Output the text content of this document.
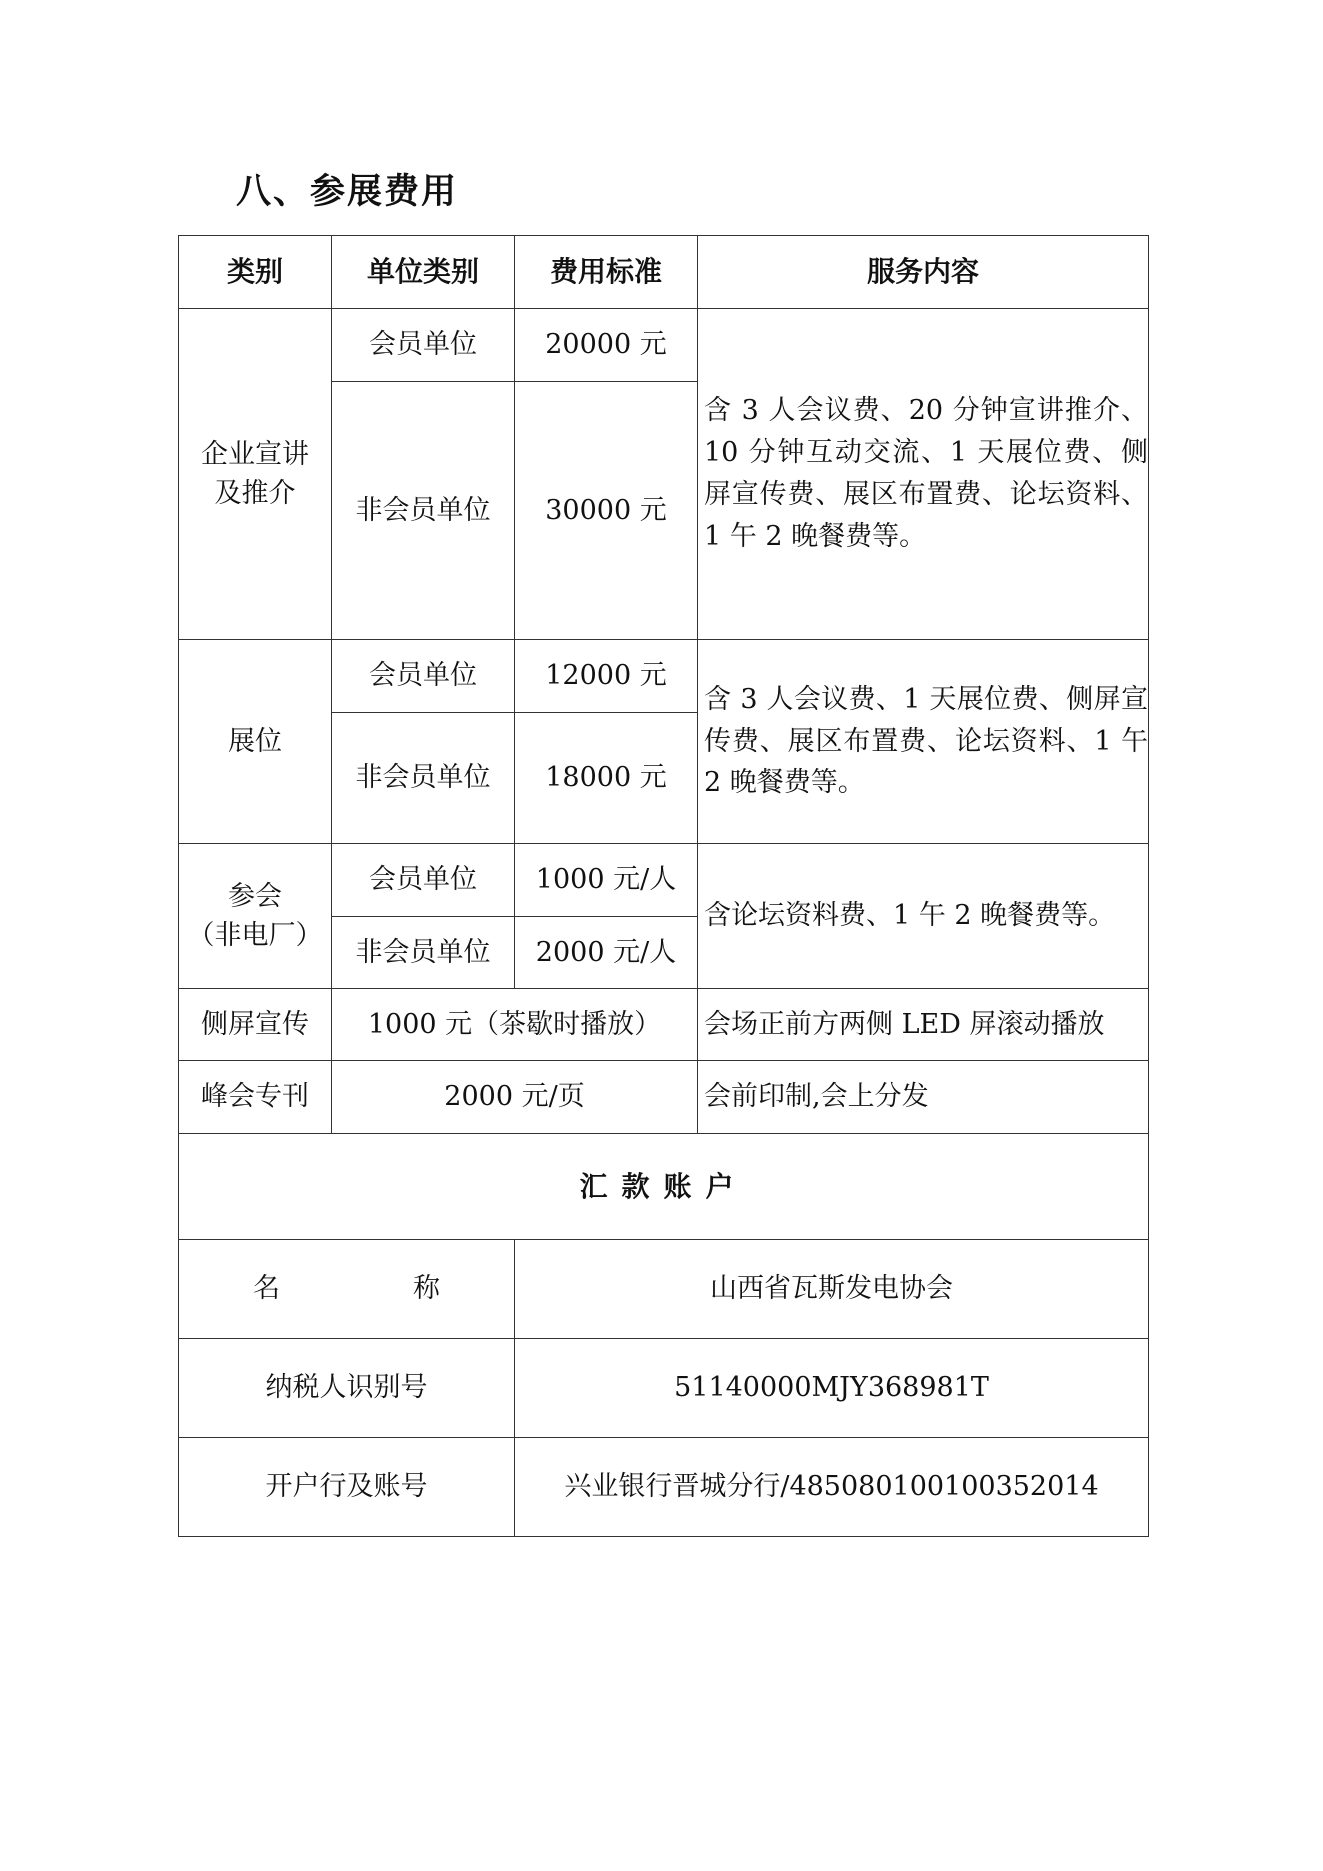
八、参展费用
类别	单位类别	费用标准	服务内容

企业宣讲
及推介	会员单位	20000 元	含 3 人会议费、20 分钟宣讲推介、10 分钟互动交流、1 天展位费、侧屏宣传费、展区布置费、论坛资料、1 午 2 晚餐费等。

	非会员单位	30000 元	
展位	会员单位	12000 元	含 3 人会议费、1 天展位费、侧屏宣传费、展区布置费、论坛资料、1 午 2 晚餐费等。

	非会员单位	18000 元	

参会
（非电厂）	会员单位	1000 元/人	含论坛资料费、1 午 2 晚餐费等。
	非会员单位	2000 元/人	
侧屏宣传	1000 元（茶歇时播放）		会场正前方两侧 LED 屏滚动播放
峰会专刊	2000 元/页		会前印制,会上分发
汇款账户			

名 称		山西省瓦斯发电协会	
纳税人识别号		51140000MJY368981T	
开户行及账号		兴业银行晋城分行/485080100100352014	
